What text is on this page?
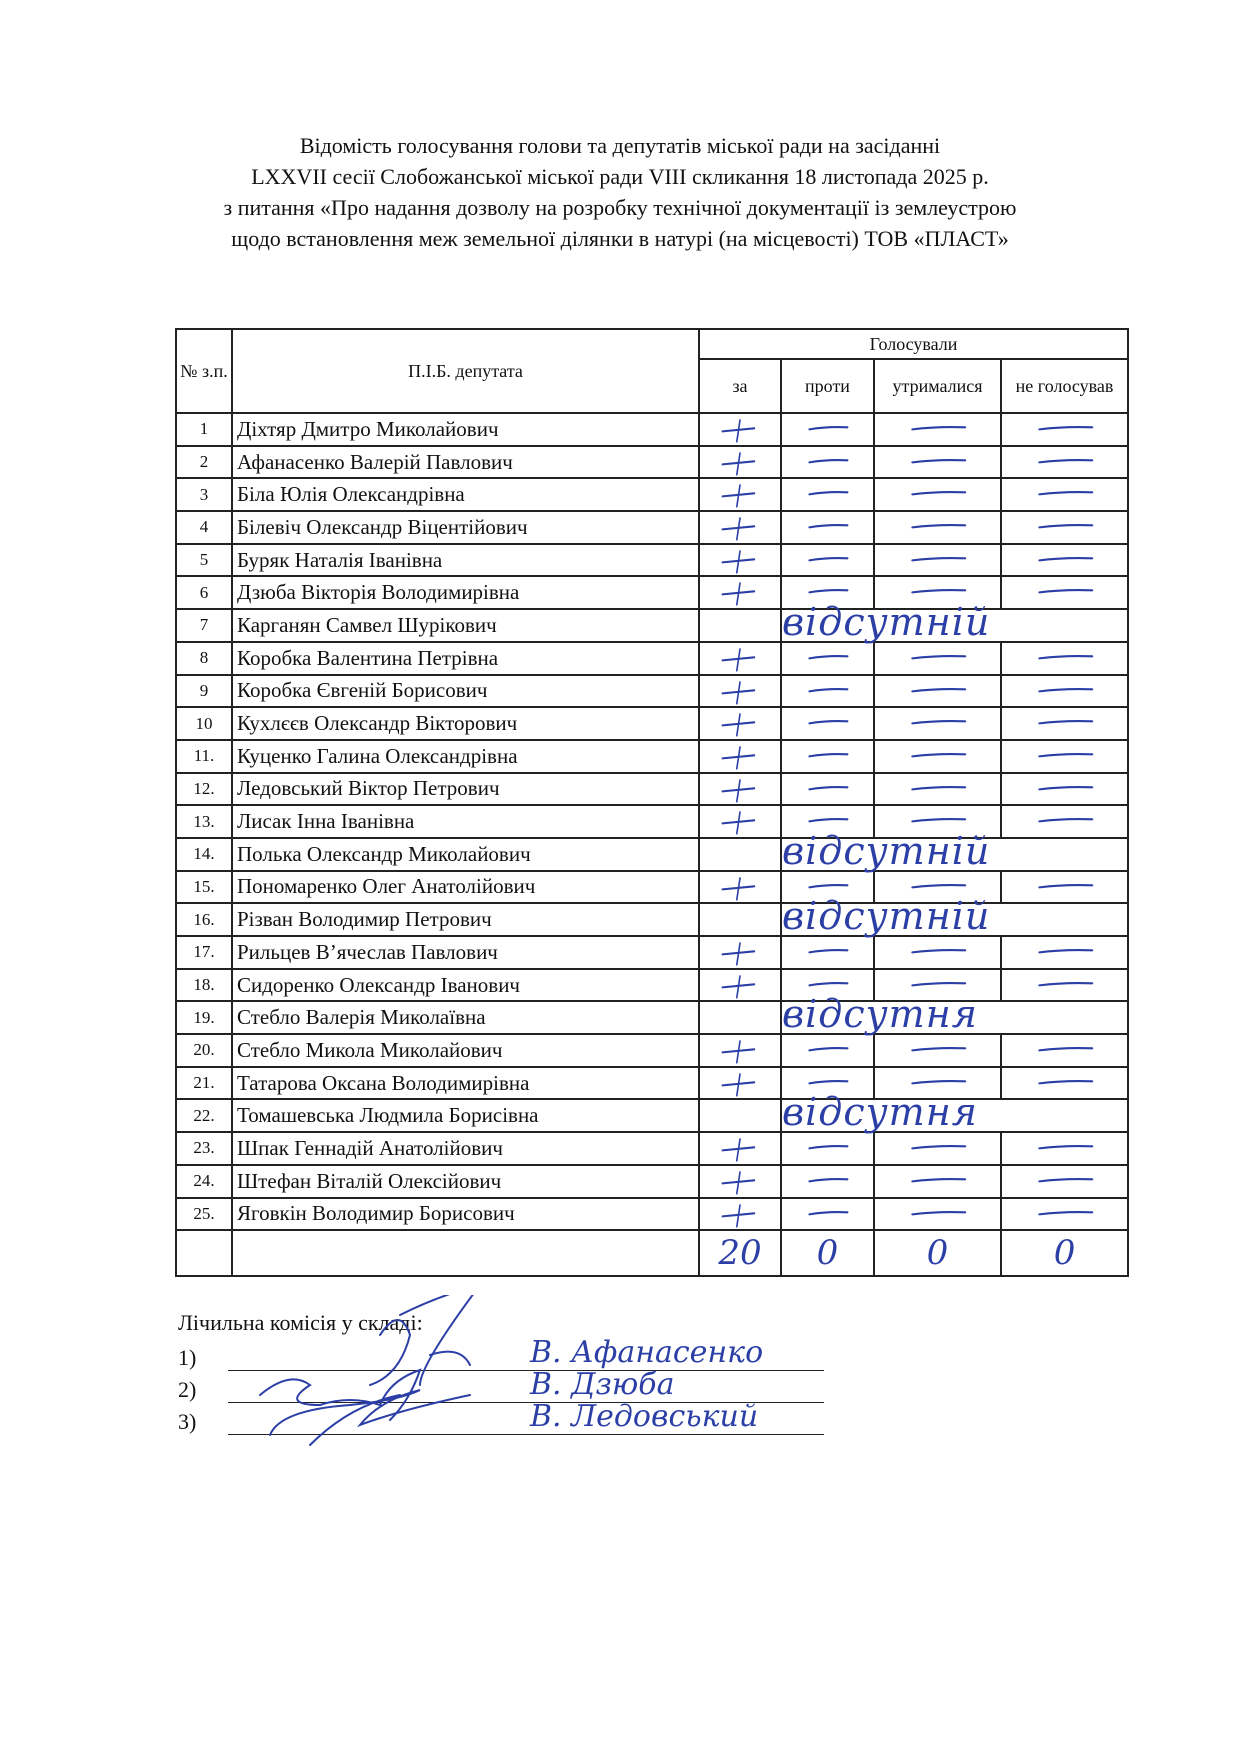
Відомість голосування голови та депутатів міської ради на засіданні
LXXVII сесії Слобожанської міської ради VIII скликання 18 листопада 2025 р.
з питання «Про надання дозволу на розробку технічної документації із землеустрою
щодо встановлення меж земельної ділянки в натурі (на місцевості) ТОВ «ПЛАСТ»
№ з.п.	П.І.Б. депутата	Голосували			
		за	проти	утрималися	не голосував
1	Діхтяр Дмитро Миколайович	

2	Афанасенко Валерій Павлович	

3	Біла Юлія Олександрівна	

4	Білевіч Олександр Віцентійович	

5	Буряк Наталія Іванівна	

6	Дзюба Вікторія Володимирівна	

7	Карганян Самвел Шурікович		відсутній		

8	Коробка Валентина Петрівна	

9	Коробка Євгеній Борисович	

10	Кухлєєв Олександр Вікторович	

11.	Куценко Галина Олександрівна	

12.	Ледовський Віктор Петрович	

13.	Лисак Інна Іванівна	

14.	Полька Олександр Миколайович		відсутній		

15.	Пономаренко Олег Анатолійович	

16.	Різван Володимир Петрович		відсутній		

17.	Рильцев В’ячеслав Павлович	

18.	Сидоренко Олександр Іванович	

19.	Стебло Валерія Миколаївна		відсутня		

20.	Стебло Микола Миколайович	

21.	Татарова Оксана Володимирівна	

22.	Томашевська Людмила Борисівна		відсутня		

23.	Шпак Геннадій Анатолійович	

24.	Штефан Віталій Олексійович	

25.	Яговкін Володимир Борисович	

		20	0	0	0
Лічильна комісія у складі:
1)	В. Афанасенко
2)	В. Дзюба
3)	В. Ледовський
